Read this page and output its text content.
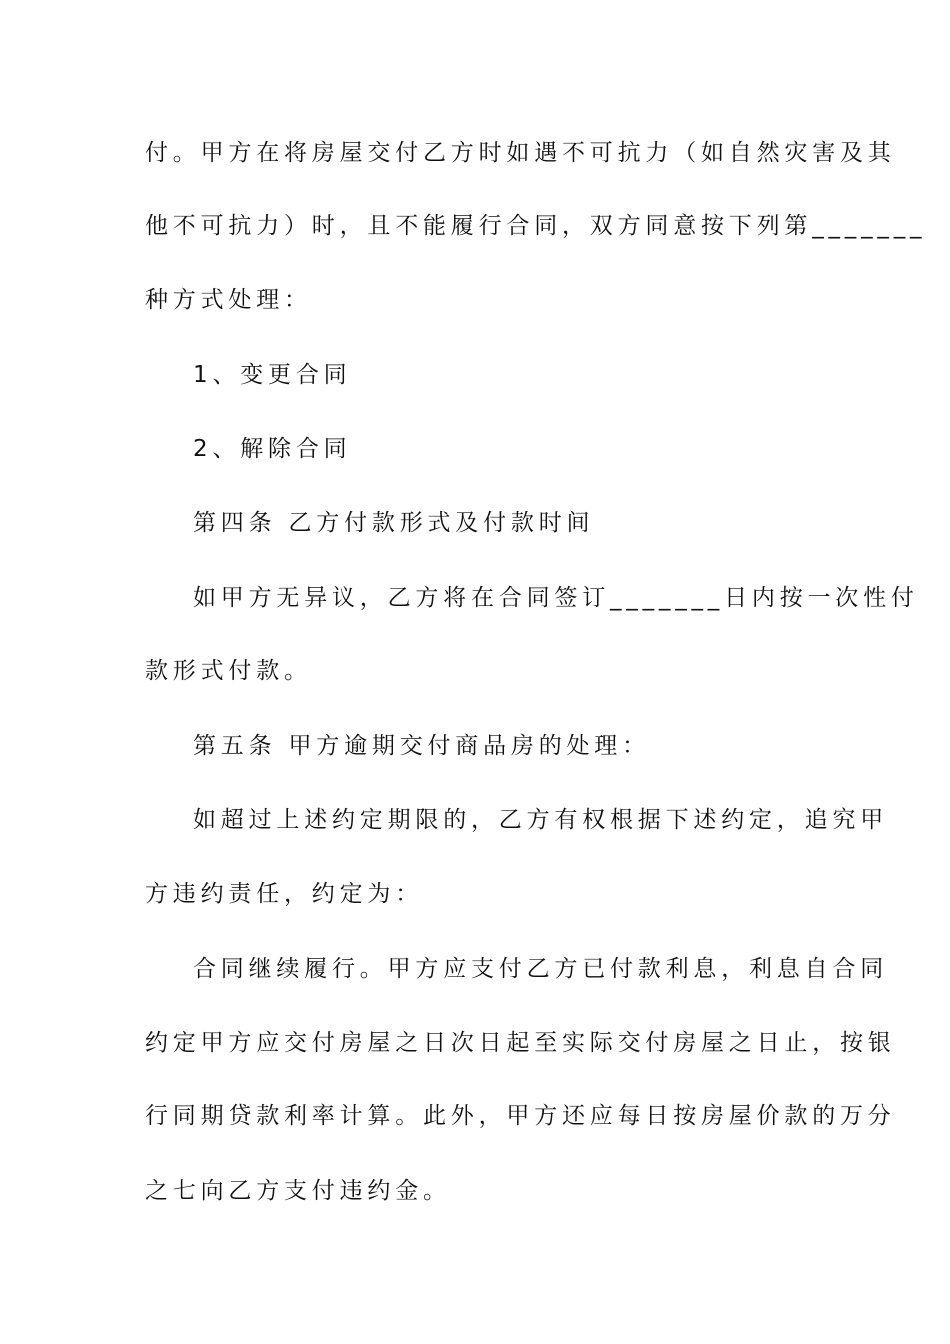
付。甲方在将房屋交付乙方时如遇不可抗力（如自然灾害及其
他不可抗力）时，且不能履行合同，双方同意按下列第_______
种方式处理：
1、变更合同
2、解除合同
第四条 乙方付款形式及付款时间
如甲方无异议，乙方将在合同签订_______日内按一次性付
款形式付款。
第五条 甲方逾期交付商品房的处理：
如超过上述约定期限的，乙方有权根据下述约定，追究甲
方违约责任，约定为：
合同继续履行。甲方应支付乙方已付款利息，利息自合同
约定甲方应交付房屋之日次日起至实际交付房屋之日止，按银
行同期贷款利率计算。此外，甲方还应每日按房屋价款的万分
之七向乙方支付违约金。
